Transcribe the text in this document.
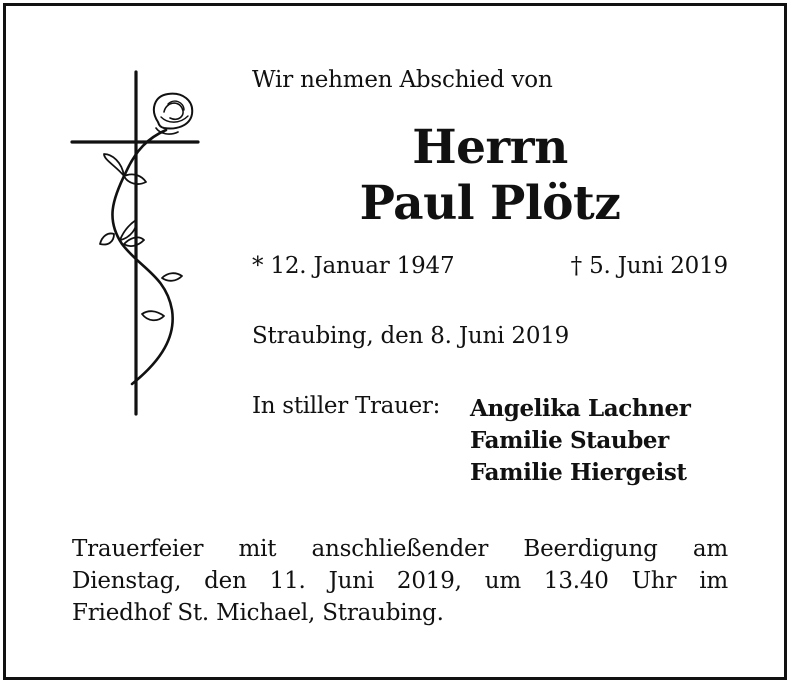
Wir nehmen Abschied von
Herrn
Paul Plötz
* 12. Januar 1947	† 5. Juni 2019
Straubing, den 8. Juni 2019
In stiller Trauer: Angelika Lachner
Familie Stauber
Familie Hiergeist
Trauerfeier mit anschließender Beerdigung am
Dienstag, den 11. Juni 2019, um 13.40 Uhr im
Friedhof St. Michael, Straubing.
